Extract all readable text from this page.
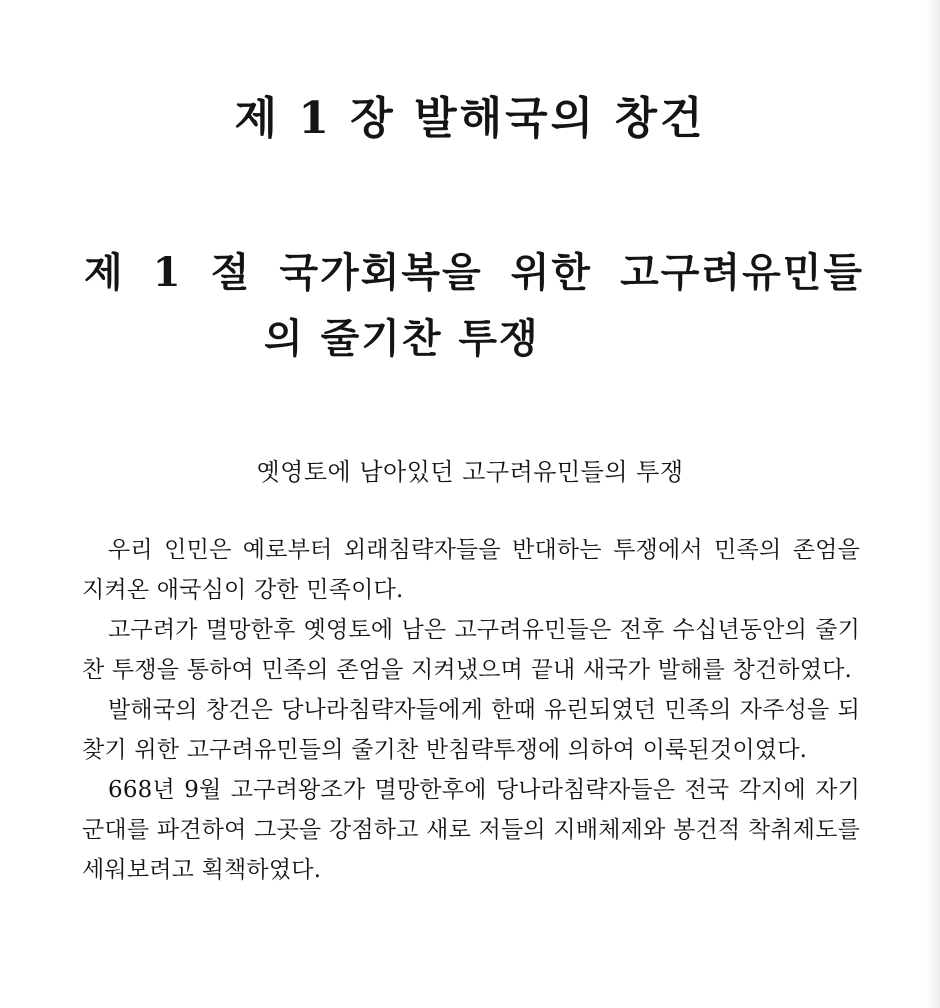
제 1 장 발해국의 창건
제 1 절 국가회복을 위한 고구려유민들
의 줄기찬 투쟁
옛영토에 남아있던 고구려유민들의 투쟁

우리 인민은 예로부터 외래침략자들을 반대하는 투쟁에서 민족의 존엄을 지켜온 애국심이 강한 민족이다.

고구려가 멸망한후 옛영토에 남은 고구려유민들은 전후 수십년동안의 줄기찬 투쟁을 통하여 민족의 존엄을 지켜냈으며 끝내 새국가 발해를 창건하였다.

발해국의 창건은 당나라침략자들에게 한때 유린되였던 민족의 자주성을 되찾기 위한 고구려유민들의 줄기찬 반침략투쟁에 의하여 이룩된것이였다.

668년 9월 고구려왕조가 멸망한후에 당나라침략자들은 전국 각지에 자기 군대를 파견하여 그곳을 강점하고 새로 저들의 지배체제와 봉건적 착취제도를 세워보려고 획책하였다.
